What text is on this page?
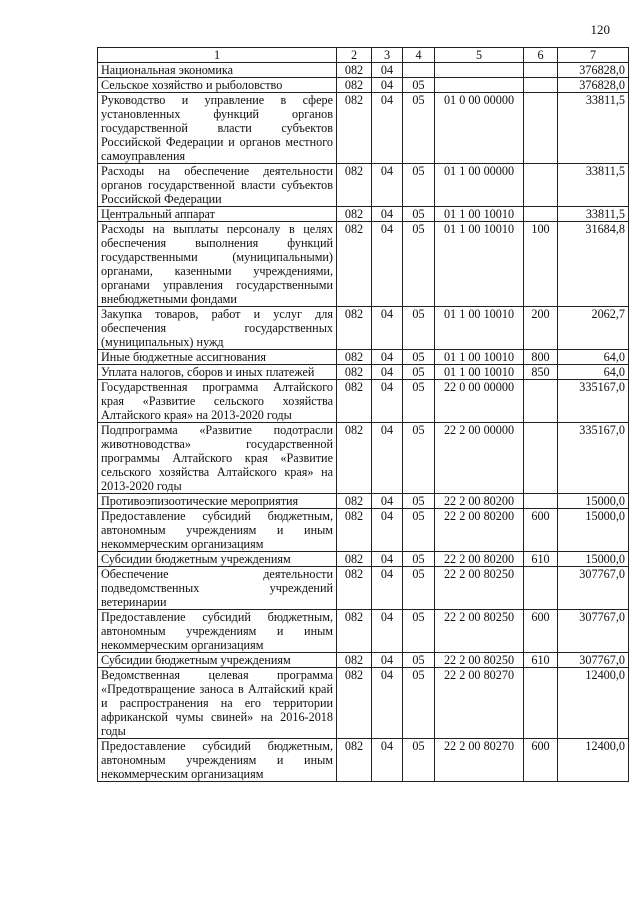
120
1	2	3	4	5	6	7
Национальная экономика	082	04				376828,0
Сельское хозяйство и рыболовство	082	04	05			376828,0
Руководство и управление в сфере установленных функций органов государственной власти субъектов Российской Федерации и органов местного самоуправления	082	04	05	01 0 00 00000		33811,5
Расходы на обеспечение деятельности органов государственной власти субъектов Российской Федерации	082	04	05	01 1 00 00000		33811,5
Центральный аппарат	082	04	05	01 1 00 10010		33811,5
Расходы на выплаты персоналу в целях обеспечения выполнения функций государственными (муниципальными) органами, казенными учреждениями, органами управления государственными внебюджетными фондами	082	04	05	01 1 00 10010	100	31684,8
Закупка товаров, работ и услуг для обеспечения государственных (муниципальных) нужд	082	04	05	01 1 00 10010	200	2062,7
Иные бюджетные ассигнования	082	04	05	01 1 00 10010	800	64,0
Уплата налогов, сборов и иных платежей	082	04	05	01 1 00 10010	850	64,0
Государственная программа Алтайского края «Развитие сельского хозяйства Алтайского края» на 2013-2020 годы	082	04	05	22 0 00 00000		335167,0
Подпрограмма «Развитие подотрасли животноводства» государственной программы Алтайского края «Развитие сельского хозяйства Алтайского края» на 2013-2020 годы	082	04	05	22 2 00 00000		335167,0
Противоэпизоотические мероприятия	082	04	05	22 2 00 80200		15000,0
Предоставление субсидий бюджетным, автономным учреждениям и иным некоммерческим организациям	082	04	05	22 2 00 80200	600	15000,0
Субсидии бюджетным учреждениям	082	04	05	22 2 00 80200	610	15000,0
Обеспечение деятельности подведомственных учреждений ветеринарии	082	04	05	22 2 00 80250		307767,0
Предоставление субсидий бюджетным, автономным учреждениям и иным некоммерческим организациям	082	04	05	22 2 00 80250	600	307767,0
Субсидии бюджетным учреждениям	082	04	05	22 2 00 80250	610	307767,0
Ведомственная целевая программа «Предотвращение заноса в Алтайский край и распространения на его территории африканской чумы свиней» на 2016-2018 годы	082	04	05	22 2 00 80270		12400,0
Предоставление субсидий бюджетным, автономным учреждениям и иным некоммерческим организациям	082	04	05	22 2 00 80270	600	12400,0
